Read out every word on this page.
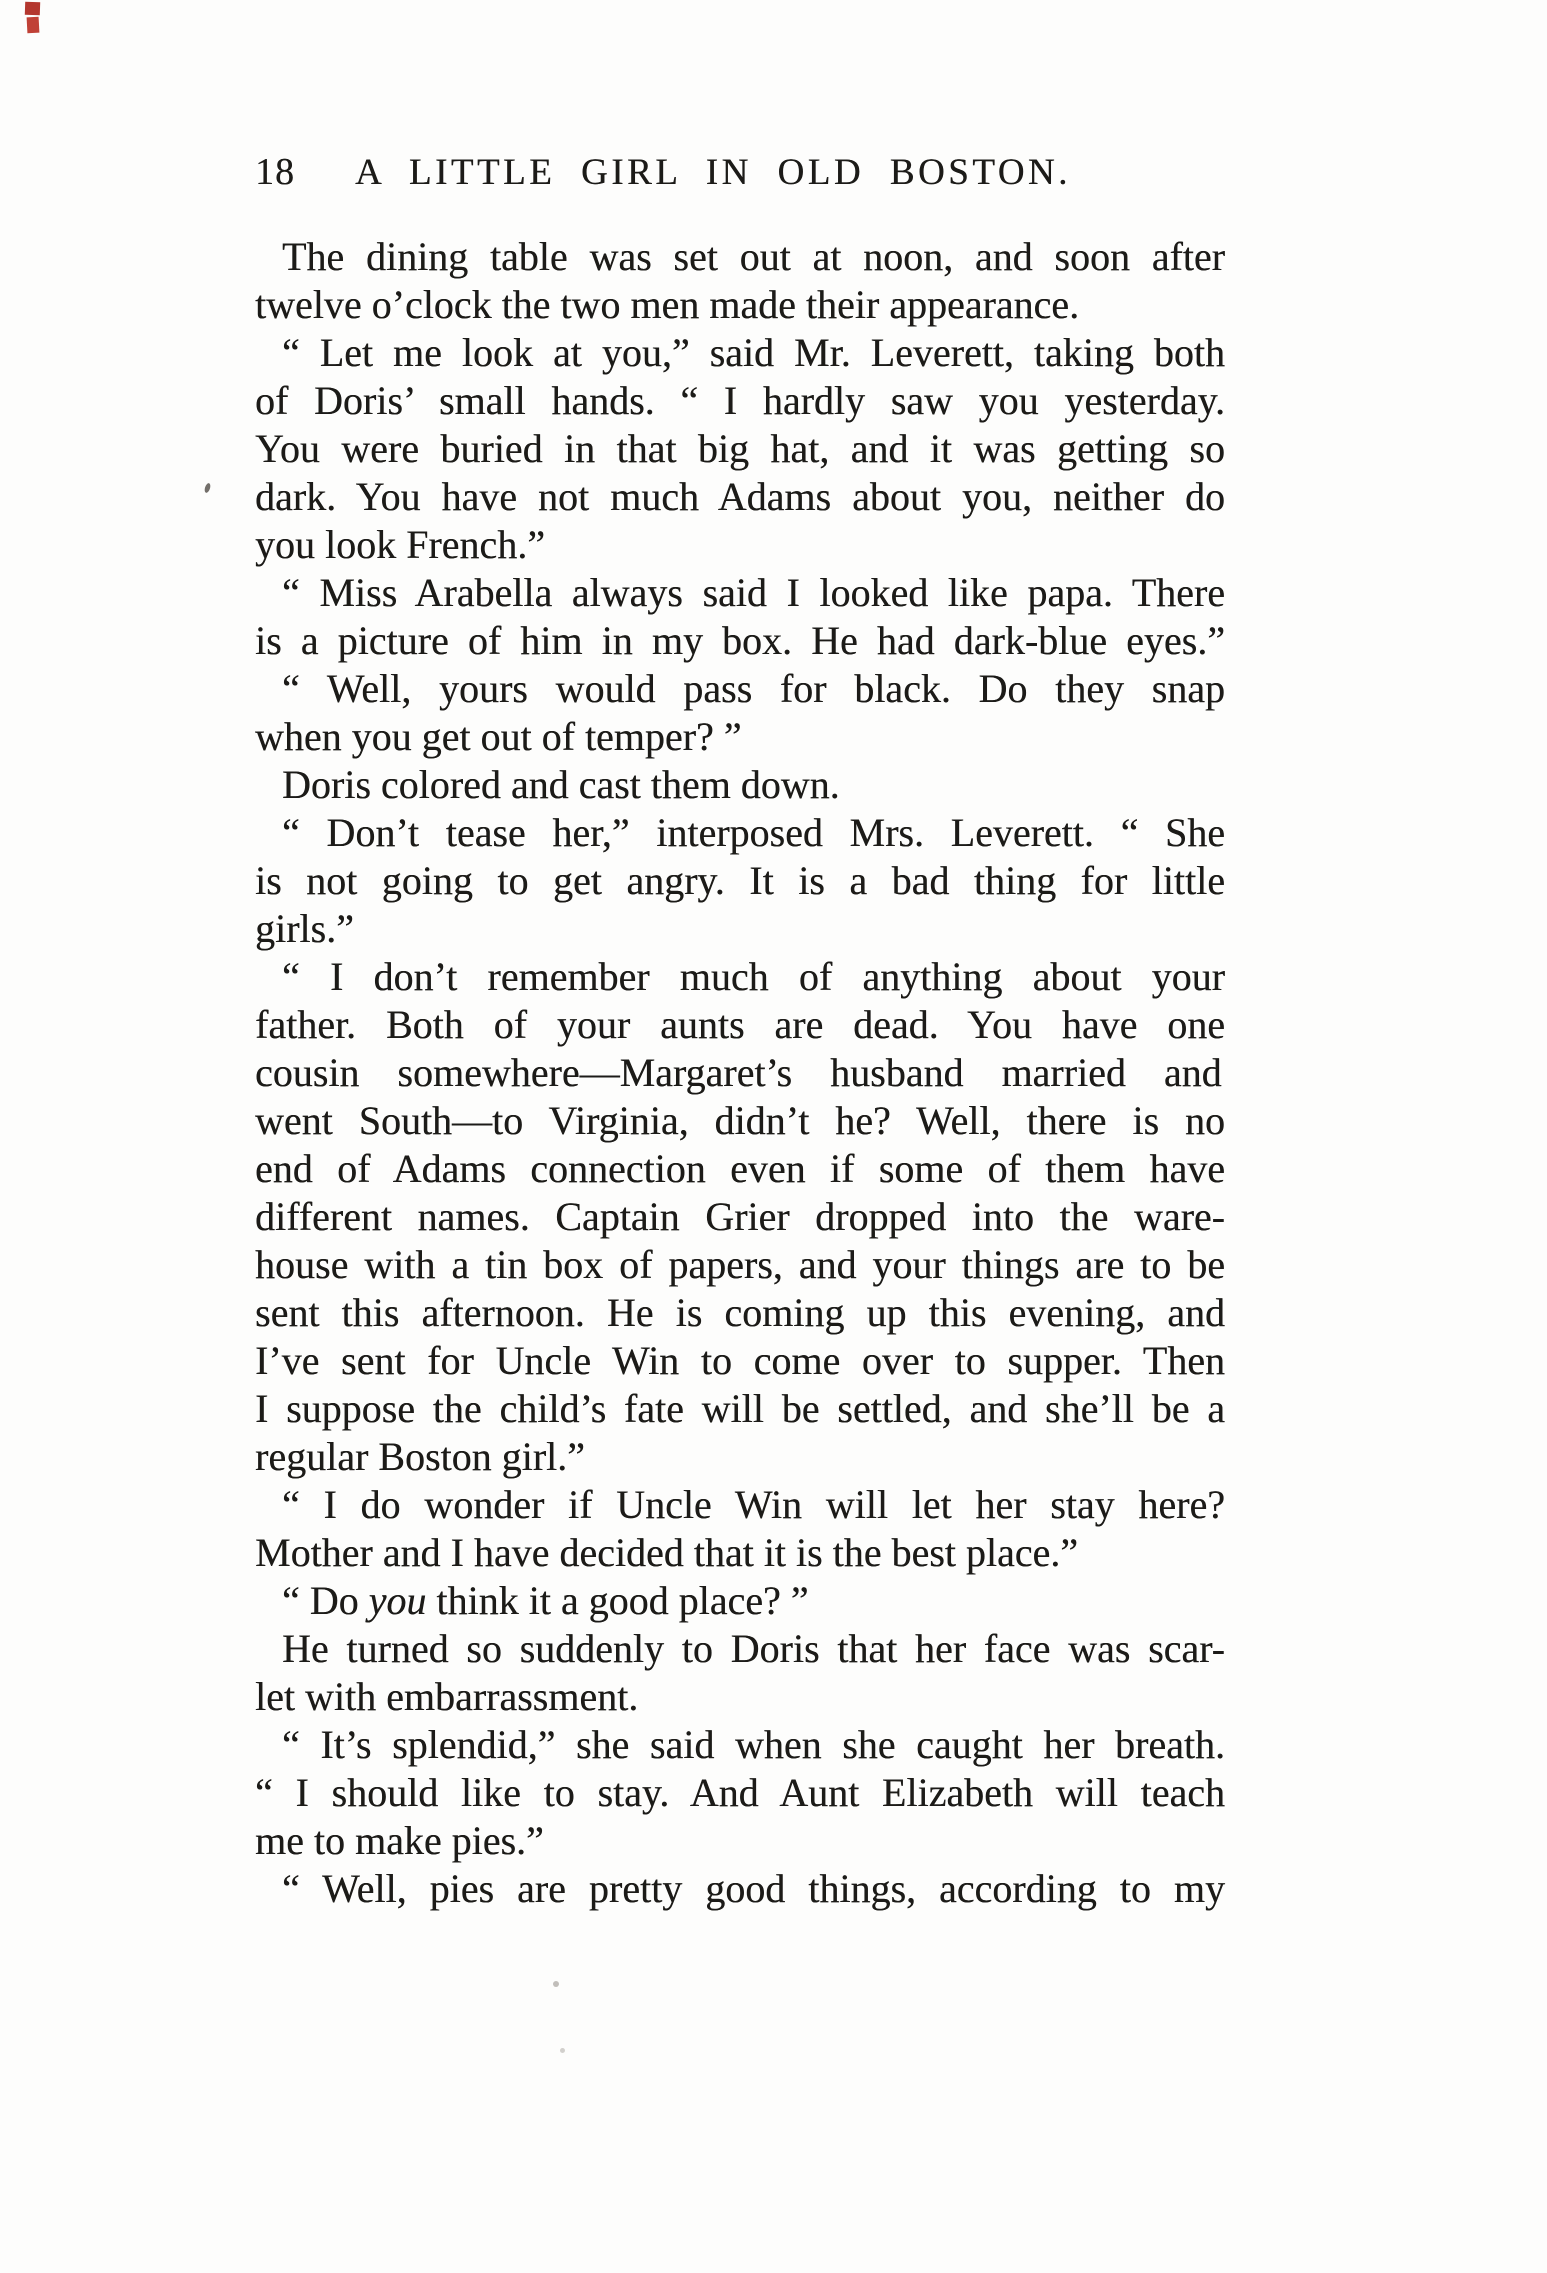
18 A LITTLE GIRL IN OLD BOSTON.
The dining table was set out at noon, and soon after
twelve o’clock the two men made their appearance.
“ Let me look at you,” said Mr. Leverett, taking both
of Doris’ small hands. “ I hardly saw you yesterday.
You were buried in that big hat, and it was getting so
dark. You have not much Adams about you, neither do
you look French.”
“ Miss Arabella always said I looked like papa. There
is a picture of him in my box. He had dark-blue eyes.”
“ Well, yours would pass for black. Do they snap
when you get out of temper? ”
Doris colored and cast them down.
“ Don’t tease her,” interposed Mrs. Leverett. “ She
is not going to get angry. It is a bad thing for little
girls.”
“ I don’t remember much of anything about your
father. Both of your aunts are dead. You have one
cousin somewhere—Margaret’s husband married and
went South—to Virginia, didn’t he? Well, there is no
end of Adams connection even if some of them have
different names. Captain Grier dropped into the ware-
house with a tin box of papers, and your things are to be
sent this afternoon. He is coming up this evening, and
I’ve sent for Uncle Win to come over to supper. Then
I suppose the child’s fate will be settled, and she’ll be a
regular Boston girl.”
“ I do wonder if Uncle Win will let her stay here?
Mother and I have decided that it is the best place.”
“ Do you think it a good place? ”
He turned so suddenly to Doris that her face was scar-
let with embarrassment.
“ It’s splendid,” she said when she caught her breath.
“ I should like to stay. And Aunt Elizabeth will teach
me to make pies.”
“ Well, pies are pretty good things, according to my
